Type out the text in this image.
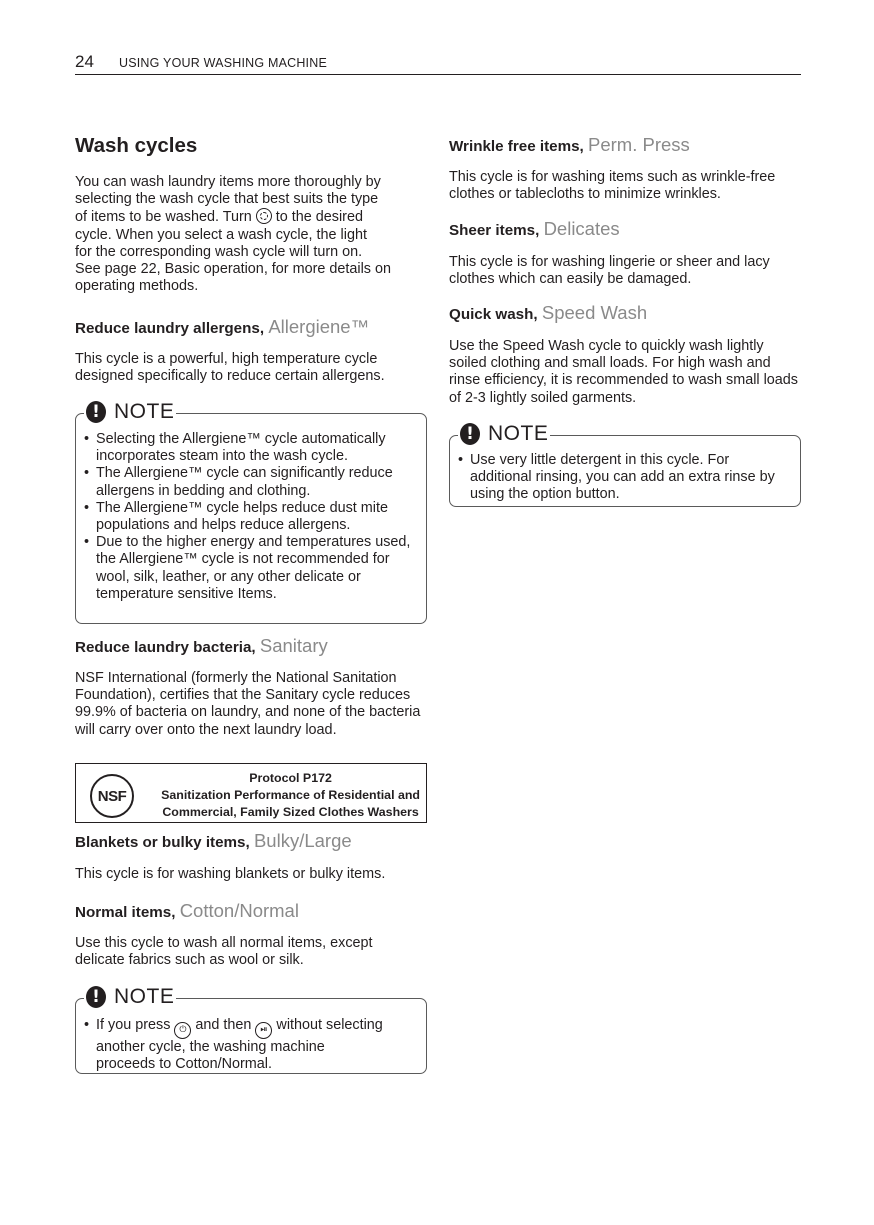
24 USING YOUR WASHING MACHINE
Wash cycles
You can wash laundry items more thoroughly by
selecting the wash cycle that best suits the type
of items to be washed. Turn to the desired
cycle. When you select a wash cycle, the light
for the corresponding wash cycle will turn on.
See page 22, Basic operation, for more details on
operating methods.
Reduce laundry allergens, Allergiene™

This cycle is a powerful, high temperature cycle designed specifically to reduce certain allergens.

! NOTE
• Selecting the Allergiene™ cycle automatically incorporates steam into the wash cycle.
• The Allergiene™ cycle can significantly reduce allergens in bedding and clothing.
• The Allergiene™ cycle helps reduce dust mite populations and helps reduce allergens.
• Due to the higher energy and temperatures used, the Allergiene™ cycle is not recommended for wool, silk, leather, or any other delicate or temperature sensitive Items.
Reduce laundry bacteria, Sanitary

NSF International (formerly the National Sanitation Foundation), certifies that the Sanitary cycle reduces 99.9% of bacteria on laundry, and none of the bacteria will carry over onto the next laundry load.

NSF
Protocol P172
Sanitization Performance of Residential and
Commercial, Family Sized Clothes Washers
Blankets or bulky items, Bulky/Large

This cycle is for washing blankets or bulky items.

Normal items, Cotton/Normal

Use this cycle to wash all normal items, except delicate fabrics such as wool or silk.

! NOTE
• If you press ⏻ and then ⏯ without selecting
another cycle, the washing machine
proceeds to Cotton/Normal.
Wrinkle free items, Perm. Press

This cycle is for washing items such as wrinkle-free clothes or tablecloths to minimize wrinkles.

Sheer items, Delicates

This cycle is for washing lingerie or sheer and lacy clothes which can easily be damaged.

Quick wash, Speed Wash

Use the Speed Wash cycle to quickly wash lightly soiled clothing and small loads. For high wash and rinse efficiency, it is recommended to wash small loads of 2-3 lightly soiled garments.

! NOTE
• Use very little detergent in this cycle. For additional rinsing, you can add an extra rinse by using the option button.
